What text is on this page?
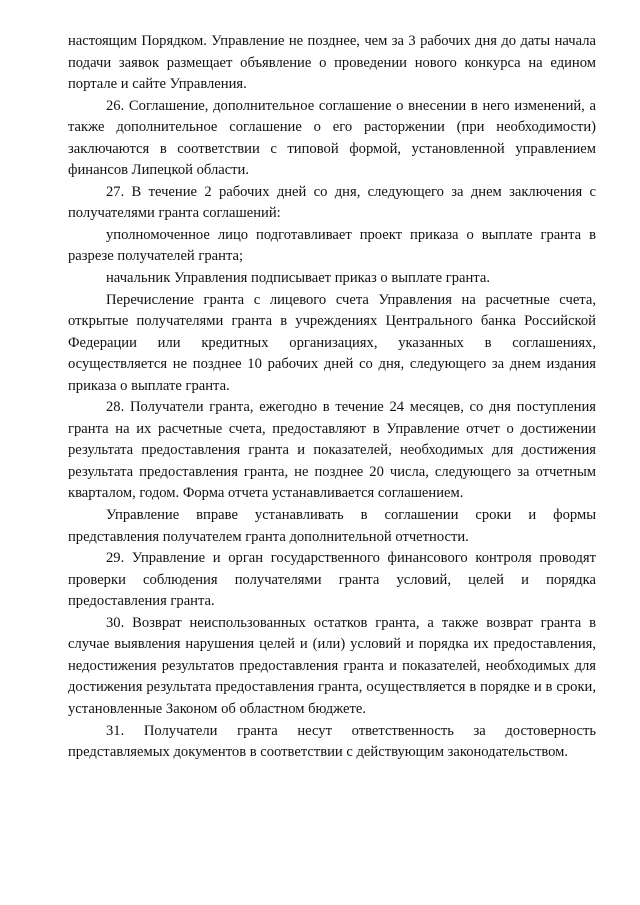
настоящим Порядком. Управление не позднее, чем за 3 рабочих дня до даты начала подачи заявок размещает объявление о проведении нового конкурса на едином портале и сайте Управления.

26. Соглашение, дополнительное соглашение о внесении в него изменений, а также дополнительное соглашение о его расторжении (при необходимости) заключаются в соответствии с типовой формой, установленной управлением финансов Липецкой области.

27. В течение 2 рабочих дней со дня, следующего за днем заключения с получателями гранта соглашений:

уполномоченное лицо подготавливает проект приказа о выплате гранта в разрезе получателей гранта;

начальник Управления подписывает приказ о выплате гранта.

Перечисление гранта с лицевого счета Управления на расчетные счета, открытые получателями гранта в учреждениях Центрального банка Российской Федерации или кредитных организациях, указанных в соглашениях, осуществляется не позднее 10 рабочих дней со дня, следующего за днем издания приказа о выплате гранта.

28. Получатели гранта, ежегодно в течение 24 месяцев, со дня поступления гранта на их расчетные счета, предоставляют в Управление отчет о достижении результата предоставления гранта и показателей, необходимых для достижения результата предоставления гранта, не позднее 20 числа, следующего за отчетным кварталом, годом. Форма отчета устанавливается соглашением.

Управление вправе устанавливать в соглашении сроки и формы представления получателем гранта дополнительной отчетности.

29. Управление и орган государственного финансового контроля проводят проверки соблюдения получателями гранта условий, целей и порядка предоставления гранта.

30. Возврат неиспользованных остатков гранта, а также возврат гранта в случае выявления нарушения целей и (или) условий и порядка их предоставления, недостижения результатов предоставления гранта и показателей, необходимых для достижения результата предоставления гранта, осуществляется в порядке и в сроки, установленные Законом об областном бюджете.

31. Получатели гранта несут ответственность за достоверность представляемых документов в соответствии с действующим законодательством.
